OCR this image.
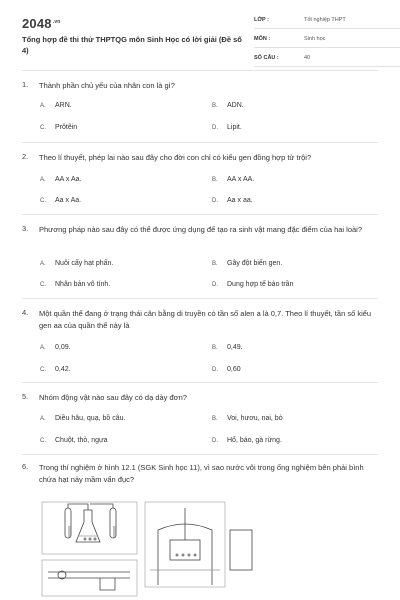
$2048^{.vn}$
Tổng hợp đề thi thử THPTQG môn Sinh Học có lời giải (Đề số 4)
LỚP :	Tốt nghiệp THPT
MÔN :	Sinh học
SỐ CÂU :	40
1. Thành phần chủ yếu của nhân con là gì?
A. ARN.	B. ADN.
C. Prôtêin	D. Lipit.
2. Theo lí thuyết, phép lai nào sau đây cho đời con chỉ có kiểu gen đồng hợp tử trội?
A. AA x Aa.	B. AA x AA.
C. Aa x Aa.	D. Aa x aa.
3. Phương pháp nào sau đây có thể được ứng dụng để tạo ra sinh vật mang đặc điểm của hai loài?
A. Nuôi cấy hạt phấn.	B. Gây đột biến gen.
C. Nhân bản vô tính.	D. Dung hợp tế bào trần
4. Một quần thể đang ở trạng thái cân bằng di truyền có tần số alen a là 0,7. Theo lí thuyết, tần số kiểu gen aa của quần thể này là
A. 0,09.	B. 0,49.
C. 0,42.	D. 0,60
5. Nhóm động vật nào sau đây có dạ dày đơn?
A. Diều hâu, quạ, bồ câu.	B. Voi, hươu, nai, bò
C. Chuột, thỏ, ngựa	D. Hổ, báo, gà rừng.
6. Trong thí nghiệm ở hình 12.1 (SGK Sinh học 11), vì sao nước vôi trong ống nghiệm bên phải bình chứa hạt nảy mầm vẩn đục?
